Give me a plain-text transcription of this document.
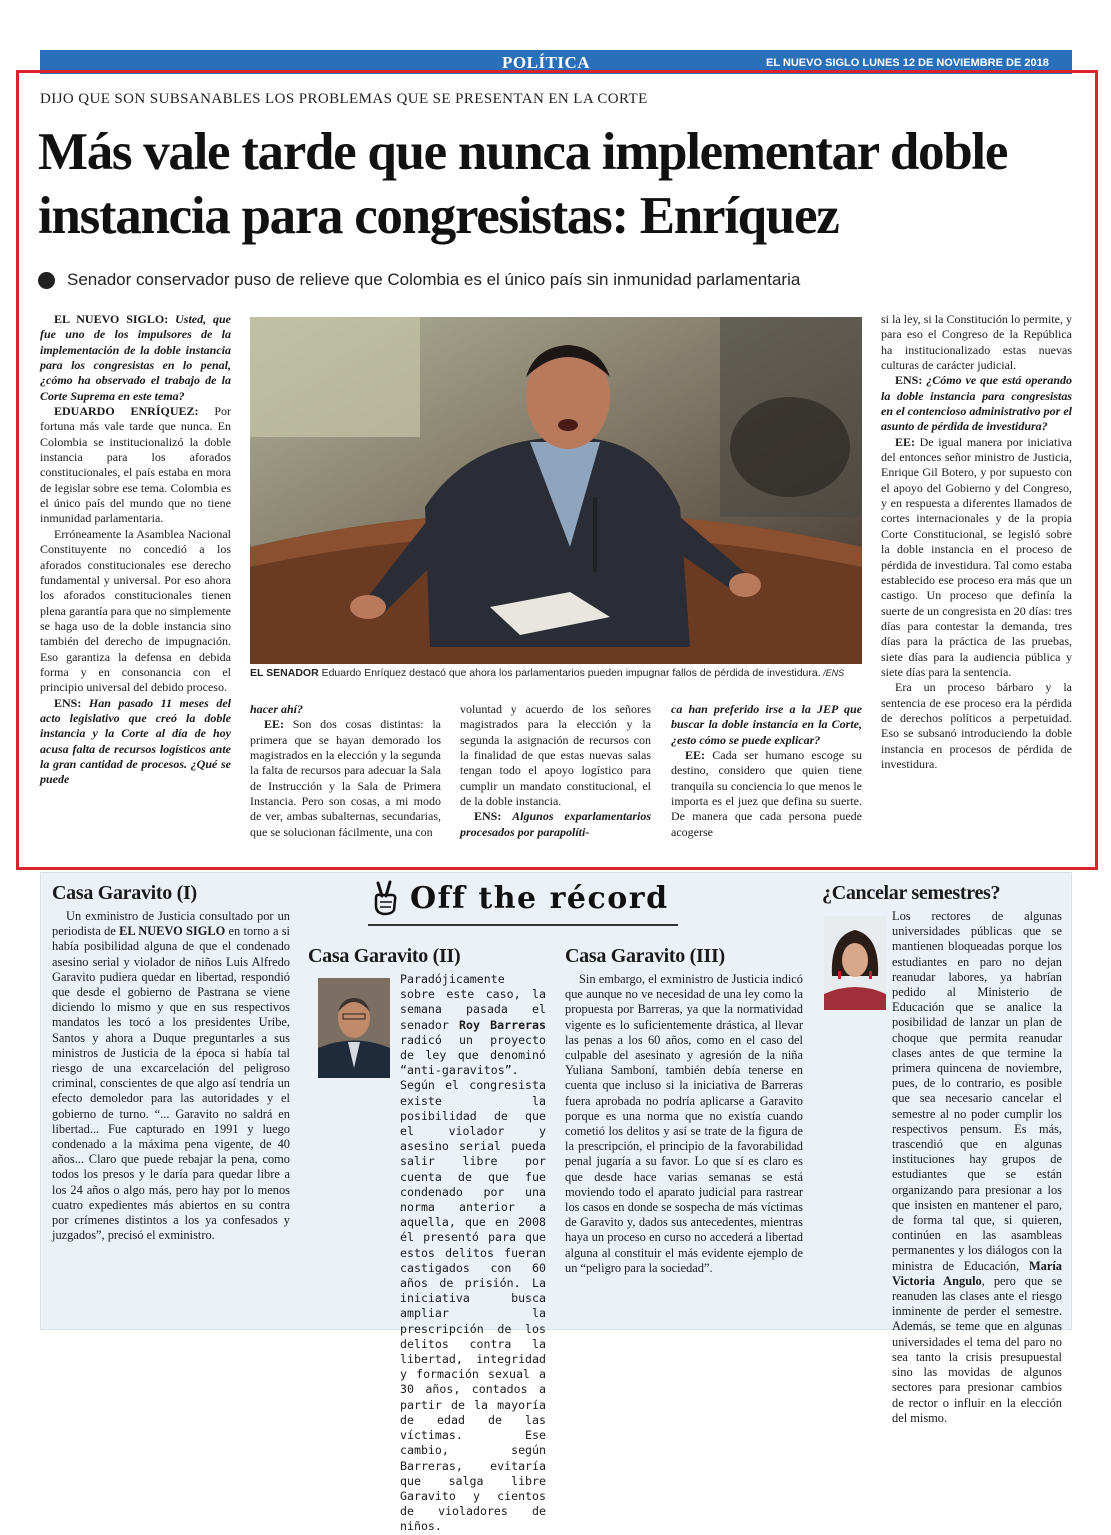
POLÍTICA	EL NUEVO SIGLO LUNES 12 DE NOVIEMBRE DE 2018 11A
DIJO QUE SON SUBSANABLES LOS PROBLEMAS QUE SE PRESENTAN EN LA CORTE
Más vale tarde que nunca implementar doble instancia para congresistas: Enríquez
Senador conservador puso de relieve que Colombia es el único país sin inmunidad parlamentaria

EL NUEVO SIGLO: Usted, que fue uno de los impulsores de la implementación de la doble instancia para los congresistas en lo penal, ¿cómo ha observado el trabajo de la Corte Suprema en este tema?

EDUARDO ENRÍQUEZ: Por fortuna más vale tarde que nunca. En Colombia se institucionalizó la doble instancia para los aforados constitucionales, el país estaba en mora de legislar sobre ese tema. Colombia es el único país del mundo que no tiene inmunidad parlamentaria.

Erróneamente la Asamblea Nacional Constituyente no concedió a los aforados constitucionales ese derecho fundamental y universal. Por eso ahora los aforados constitucionales tienen plena garantía para que no simplemente se haga uso de la doble instancia sino también del derecho de impugnación. Eso garantiza la defensa en debida forma y en consonancia con el principio universal del debido proceso.

ENS: Han pasado 11 meses del acto legislativo que creó la doble instancia y la Corte al día de hoy acusa falta de recursos logísticos ante la gran cantidad de procesos. ¿Qué se puede

EL SENADOR Eduardo Enríquez destacó que ahora los parlamentarios pueden impugnar fallos de pérdida de investidura. /ENS

hacer ahí?

EE: Son dos cosas distintas: la primera que se hayan demorado los magistrados en la elección y la segunda la falta de recursos para adecuar la Sala de Instrucción y la Sala de Primera Instancia. Pero son cosas, a mi modo de ver, ambas subalternas, secundarias, que se solucionan fácilmente, una con

voluntad y acuerdo de los señores magistrados para la elección y la segunda la asignación de recursos con la finalidad de que estas nuevas salas tengan todo el apoyo logístico para cumplir un mandato constitucional, el de la doble instancia.

ENS: Algunos exparlamentarios procesados por parapolíti-

ca han preferido irse a la JEP que buscar la doble instancia en la Corte, ¿esto cómo se puede explicar?

EE: Cada ser humano escoge su destino, considero que quien tiene tranquila su conciencia lo que menos le importa es el juez que defina su suerte. De manera que cada persona puede acogerse

si la ley, si la Constitución lo permite, y para eso el Congreso de la República ha institucionalizado estas nuevas culturas de carácter judicial.

ENS: ¿Cómo ve que está operando la doble instancia para congresistas en el contencioso administrativo por el asunto de pérdida de investidura?

EE: De igual manera por iniciativa del entonces señor ministro de Justicia, Enrique Gil Botero, y por supuesto con el apoyo del Gobierno y del Congreso, y en respuesta a diferentes llamados de cortes internacionales y de la propia Corte Constitucional, se legisló sobre la doble instancia en el proceso de pérdida de investidura. Tal como estaba establecido ese proceso era más que un castigo. Un proceso que definía la suerte de un congresista en 20 días: tres días para contestar la demanda, tres días para la práctica de las pruebas, siete días para la audiencia pública y siete días para la sentencia.

Era un proceso bárbaro y la sentencia de ese proceso era la pérdida de derechos políticos a perpetuidad. Eso se subsanó introduciendo la doble instancia en procesos de pérdida de investidura.

Off the récord
Casa Garavito (I)

Un exministro de Justicia consultado por un periodista de EL NUEVO SIGLO en torno a si había posibilidad alguna de que el condenado asesino serial y violador de niños Luis Alfredo Garavito pudiera quedar en libertad, respondió que desde el gobierno de Pastrana se viene diciendo lo mismo y que en sus respectivos mandatos les tocó a los presidentes Uribe, Santos y ahora a Duque preguntarles a sus ministros de Justicia de la época si había tal riesgo de una excarcelación del peligroso criminal, conscientes de que algo así tendría un efecto demoledor para las autoridades y el gobierno de turno. “... Garavito no saldrá en libertad... Fue capturado en 1991 y luego condenado a la máxima pena vigente, de 40 años... Claro que puede rebajar la pena, como todos los presos y le daría para quedar libre a los 24 años o algo más, pero hay por lo menos cuatro expedientes más abiertos en su contra por crímenes distintos a los ya confesados y juzgados”, precisó el exministro.

Casa Garavito (II)

Paradójicamente sobre este caso, la semana pasada el senador Roy Barreras radicó un proyecto de ley que denominó “anti-garavitos”. Según el congresista existe la posibilidad de que el violador y asesino serial pueda salir libre por cuenta de que fue condenado por una norma anterior a aquella, que en 2008 él presentó para que estos delitos fueran castigados con 60 años de prisión. La iniciativa busca ampliar la prescripción de los delitos contra la libertad, integridad y formación sexual a 30 años, contados a partir de la mayoría de edad de las víctimas. Ese cambio, según Barreras, evitaría que salga libre Garavito y cientos de violadores de niños.

Casa Garavito (III)

Sin embargo, el exministro de Justicia indicó que aunque no ve necesidad de una ley como la propuesta por Barreras, ya que la normatividad vigente es lo suficientemente drástica, al llevar las penas a los 60 años, como en el caso del culpable del asesinato y agresión de la niña Yuliana Samboní, también debía tenerse en cuenta que incluso si la iniciativa de Barreras fuera aprobada no podría aplicarse a Garavito porque es una norma que no existía cuando cometió los delitos y así se trate de la figura de la prescripción, el principio de la favorabilidad penal jugaría a su favor. Lo que sí es claro es que desde hace varias semanas se está moviendo todo el aparato judicial para rastrear los casos en donde se sospecha de más víctimas de Garavito y, dados sus antecedentes, mientras haya un proceso en curso no accederá a libertad alguna al constituir el más evidente ejemplo de un “peligro para la sociedad”.

¿Cancelar semestres?

Los rectores de algunas universidades públicas que se mantienen bloqueadas porque los estudiantes en paro no dejan reanudar labores, ya habrían pedido al Ministerio de Educación que se analice la posibilidad de lanzar un plan de choque que permita reanudar clases antes de que termine la primera quincena de noviembre, pues, de lo contrario, es posible que sea necesario cancelar el semestre al no poder cumplir los respectivos pensum. Es más, trascendió que en algunas instituciones hay grupos de estudiantes que se están organizando para presionar a los que insisten en mantener el paro, de forma tal que, si quieren, continúen en las asambleas permanentes y los diálogos con la ministra de Educación, María Victoria Angulo, pero que se reanuden las clases ante el riesgo inminente de perder el semestre. Además, se teme que en algunas universidades el tema del paro no sea tanto la crisis presupuestal sino las movidas de algunos sectores para presionar cambios de rector o influir en la elección del mismo.
